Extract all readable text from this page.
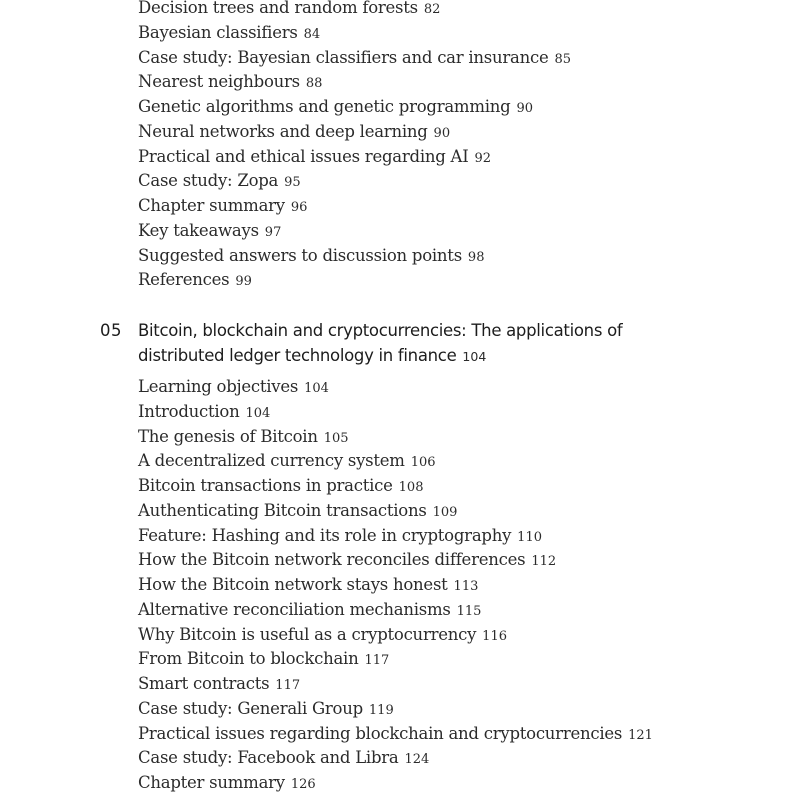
Decision trees and random forests 82
Bayesian classifiers 84
Case study: Bayesian classifiers and car insurance 85
Nearest neighbours 88
Genetic algorithms and genetic programming 90
Neural networks and deep learning 90
Practical and ethical issues regarding AI 92
Case study: Zopa 95
Chapter summary 96
Key takeaways 97
Suggested answers to discussion points 98
References 99
05 Bitcoin, blockchain and cryptocurrencies: The applications of distributed ledger technology in finance 104
Learning objectives 104
Introduction 104
The genesis of Bitcoin 105
A decentralized currency system 106
Bitcoin transactions in practice 108
Authenticating Bitcoin transactions 109
Feature: Hashing and its role in cryptography 110
How the Bitcoin network reconciles differences 112
How the Bitcoin network stays honest 113
Alternative reconciliation mechanisms 115
Why Bitcoin is useful as a cryptocurrency 116
From Bitcoin to blockchain 117
Smart contracts 117
Case study: Generali Group 119
Practical issues regarding blockchain and cryptocurrencies 121
Case study: Facebook and Libra 124
Chapter summary 126
